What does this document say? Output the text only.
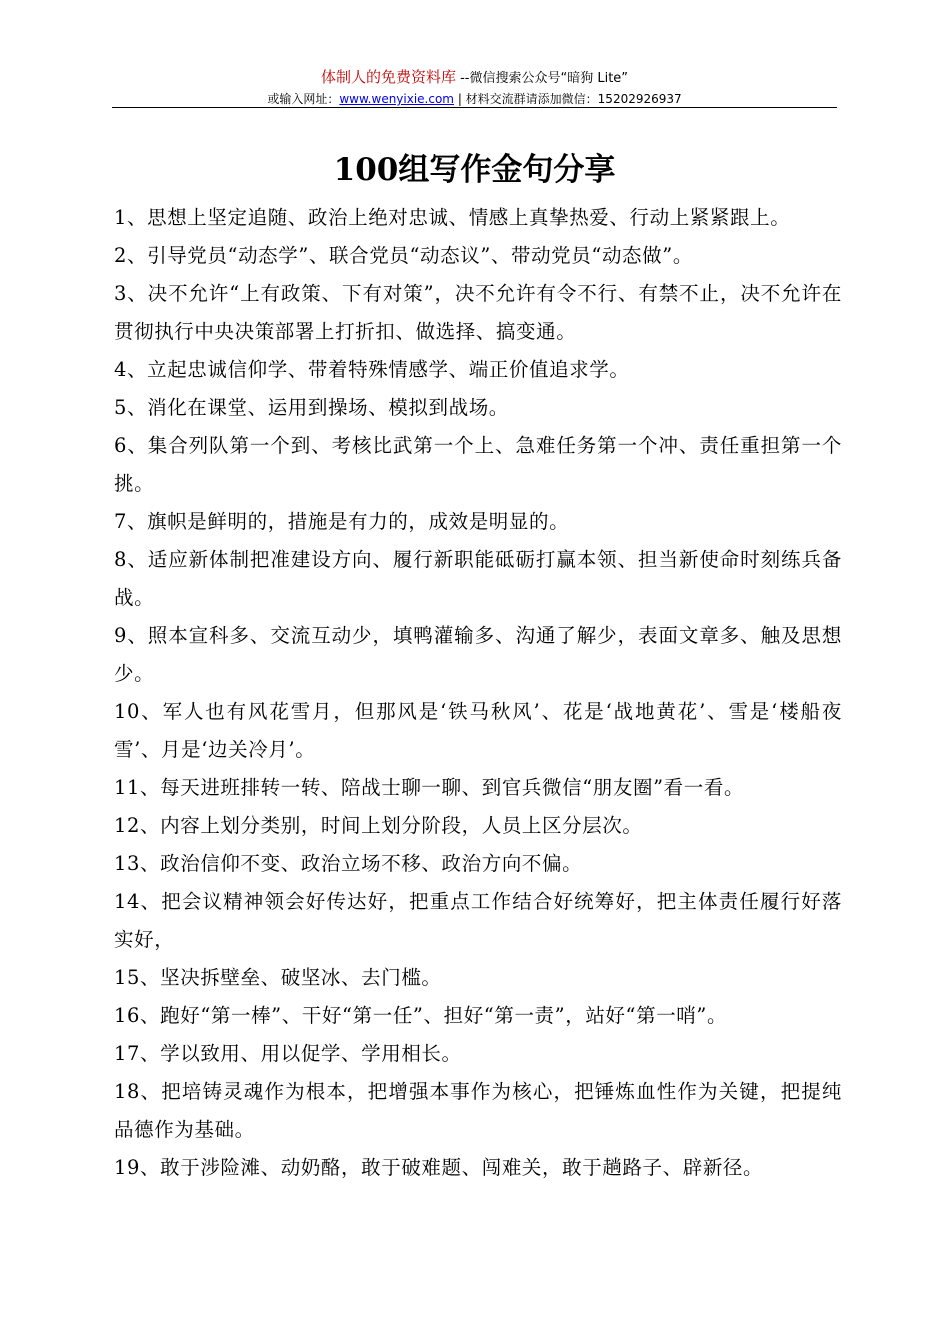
体制人的免费资料库 --微信搜索公众号“暗狗 Lite”
或输入网址：www.wenyixie.com | 材料交流群请添加微信：15202926937
100组写作金句分享

1、思想上坚定追随、政治上绝对忠诚、情感上真挚热爱、行动上紧紧跟上。

2、引导党员“动态学”、联合党员“动态议”、带动党员“动态做”。

3、决不允许“上有政策、下有对策”，决不允许有令不行、有禁不止，决不允许在贯彻执行中央决策部署上打折扣、做选择、搞变通。

4、立起忠诚信仰学、带着特殊情感学、端正价值追求学。

5、消化在课堂、运用到操场、模拟到战场。

6、集合列队第一个到、考核比武第一个上、急难任务第一个冲、责任重担第一个挑。

7、旗帜是鲜明的，措施是有力的，成效是明显的。

8、适应新体制把准建设方向、履行新职能砥砺打赢本领、担当新使命时刻练兵备战。

9、照本宣科多、交流互动少，填鸭灌输多、沟通了解少，表面文章多、触及思想少。

10、军人也有风花雪月，但那风是‘铁马秋风’、花是‘战地黄花’、雪是‘楼船夜雪’、月是‘边关冷月’。

11、每天进班排转一转、陪战士聊一聊、到官兵微信“朋友圈”看一看。

12、内容上划分类别，时间上划分阶段，人员上区分层次。

13、政治信仰不变、政治立场不移、政治方向不偏。

14、把会议精神领会好传达好，把重点工作结合好统筹好，把主体责任履行好落实好，

15、坚决拆壁垒、破坚冰、去门槛。

16、跑好“第一棒”、干好“第一任”、担好“第一责”，站好“第一哨”。

17、学以致用、用以促学、学用相长。

18、把培铸灵魂作为根本，把增强本事作为核心，把锤炼血性作为关键，把提纯品德作为基础。

19、敢于涉险滩、动奶酪，敢于破难题、闯难关，敢于趟路子、辟新径。
